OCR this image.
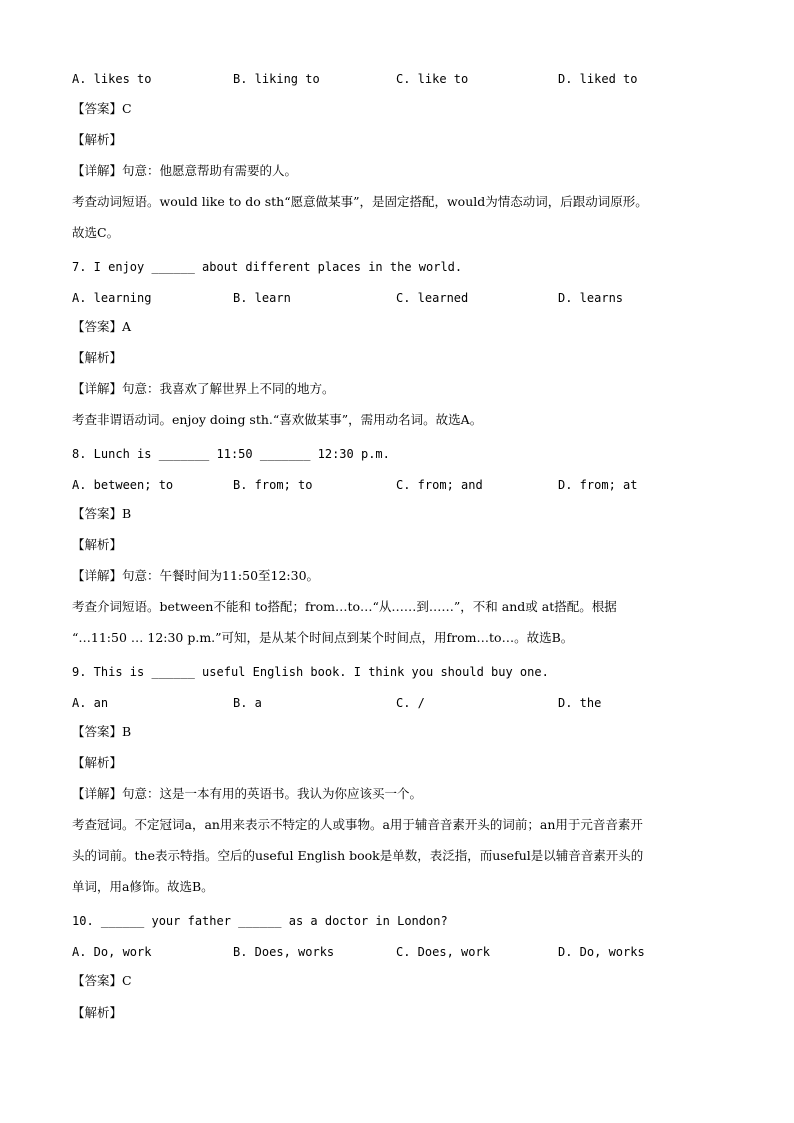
A. likes to	B. liking to	C. like to	D. liked to
【答案】C
【解析】
【详解】句意：他愿意帮助有需要的人。
考查动词短语。would like to do sth“愿意做某事”，是固定搭配，would为情态动词，后跟动词原形。
故选C。
7. I enjoy ______ about different places in the world.
A. learning	B. learn	C. learned	D. learns
【答案】A
【解析】
【详解】句意：我喜欢了解世界上不同的地方。
考查非谓语动词。enjoy doing sth.“喜欢做某事”，需用动名词。故选A。
8. Lunch is _______ 11:50 _______ 12:30 p.m.
A. between; to	B. from; to	C. from; and	D. from; at
【答案】B
【解析】
【详解】句意：午餐时间为11:50至12:30。
考查介词短语。between不能和 to搭配；from…to…“从……到……”，不和 and或 at搭配。根据
“…11:50 … 12:30 p.m.”可知，是从某个时间点到某个时间点，用from…to…。故选B。
9. This is ______ useful English book. I think you should buy one.
A. an	B. a	C. /	D. the
【答案】B
【解析】
【详解】句意：这是一本有用的英语书。我认为你应该买一个。
考查冠词。不定冠词a，an用来表示不特定的人或事物。a用于辅音音素开头的词前；an用于元音音素开
头的词前。the表示特指。空后的useful English book是单数，表泛指，而useful是以辅音音素开头的
单词，用a修饰。故选B。
10. ______ your father ______ as a doctor in London?
A. Do, work	B. Does, works	C. Does, work	D. Do, works
【答案】C
【解析】
